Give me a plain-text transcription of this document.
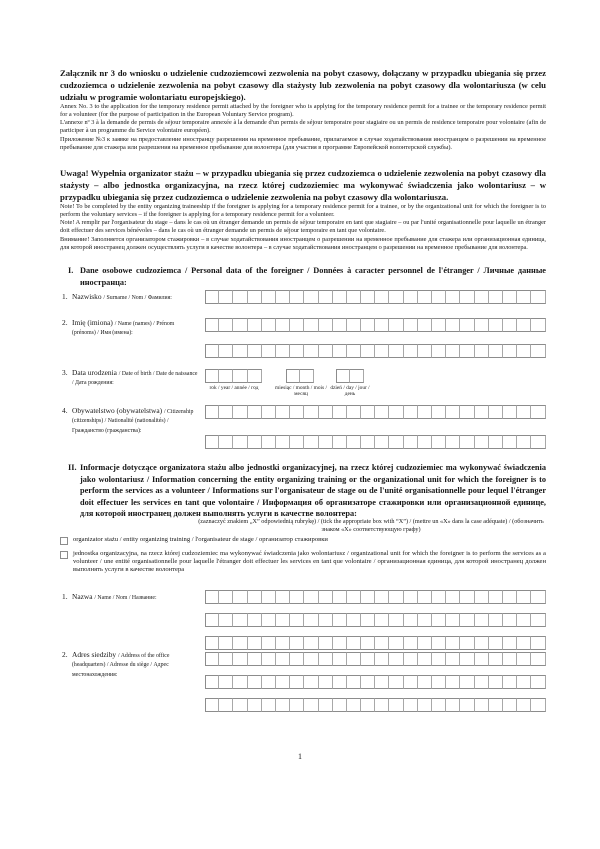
Załącznik nr 3 do wniosku o udzielenie cudzoziemcowi zezwolenia na pobyt czasowy, dołączany w przypadku ubiegania się przez cudzoziemca o udzielenie zezwolenia na pobyt czasowy dla stażysty lub zezwolenia na pobyt czasowy dla wolontariusza (w celu udziału w programie wolontariatu europejskiego).

Annex No. 3 to the application for the temporary residence permit attached by the foreigner who is applying for the temporary residence permit for a trainee or the temporary residence permit for a volunteer (for the purpose of participation in the European Voluntary Service program).

L'annexe nº 3 à la demande de permis de séjour temporaire annexée à la demande d'un permis de séjour temporaire pour stagiaire ou un permis de residence temporaire pour volontaire (afin de participer à un programme du Service volontaire européen).

Приложение №3 к заявке на предоставление иностранцу разрешения на временное пребывание, прилагаемое в случае ходатайствования иностранцем о разрешении на временное пребывание для стажера или разрешения на временное пребывание для волонтера (для участия в программе Европейской волонтерской службы).

Uwaga! Wypełnia organizator stażu – w przypadku ubiegania się przez cudzoziemca o udzielenie zezwolenia na pobyt czasowy dla stażysty – albo jednostka organizacyjna, na rzecz której cudzoziemiec ma wykonywać świadczenia jako wolontariusz – w przypadku ubiegania się przez cudzoziemca o udzielenie zezwolenia na pobyt czasowy dla wolontariusza.

Note! To be completed by the entity organizing traineeship if the foreigner is applying for a temporary residence permit for a trainee, or by the organizational unit for which the foreigner is to perform the voluntary services – if the foreigner is applying for a temporary residence permit for a volunteer.

Note! A remplir par l'organisateur du stage – dans le cas où un étranger demande un permis de séjour temporaire en tant que stagiaire – ou par l'unité organisationnelle pour laquelle un étranger doit effectuer des services bénévoles – dans le cas où un étranger demande un permis de séjour temporaire en tant que volontaire.

Внимание! Заполняется организатором стажировки – в случае ходатайствования иностранцем о разрешении на временное пребывание для стажера или организационная единица, для которой иностранец должен осуществлять услуги в качестве волонтера – в случае ходатайствования иностранцем о разрешении на временное пребывание для волонтера.

I. Dane osobowe cudzoziemca / Personal data of the foreigner / Données à caracter personnel de l'étranger / Личные данные иностранца:
1. Nazwisko / Surname / Nom / Фамилия:
2. Imię (imiona) / Name (names) / Prénom (prénoms) / Имя (имена):
3. Data urodzenia / Date of birth / Date de naissance / Дата рождения:
rok / year / année / год	miesiąc / month / mois / месяц
dzień / day / jour / день
4. Obywatelstwo (obywatelstwa) / Citizenship (citizenships) / Nationalité (nationalités) / Гражданство (гражданства):
II. Informacje dotyczące organizatora stażu albo jednostki organizacyjnej, na rzecz której cudzoziemiec ma wykonywać świadczenia jako wolontariusz / Information concerning the entity organizing training or the organizational unit for which the foreigner is to perform the services as a volunteer / Informations sur l'organisateur de stage ou de l'unité organisationnelle pour lequel l'étranger doit effectuer les services en tant que volontaire / Информация об организаторе стажировки или организационной единице, для которой иностранец должен выполнять услуги в качестве волонтера:
(zaznaczyć znakiem „X” odpowiednią rubrykę) / (tick the appropriate box with “X”) / (mettre un «X» dans la case adéquate) / (обозначить знаком «X» соответствующую графу)
organizator stażu / entity organizing training / l'organisateur de stage / организатор стажировки
jednostka organizacyjna, na rzecz której cudzoziemiec ma wykonywać świadczenia jako wolontariusz / organizational unit for which the foreigner is to perform the services as a volunteer / une entité organisationnelle pour laquelle l'étranger doit effectuer les services en tant que volontaire / организационная единица, для которой иностранец должен выполнять услуги в качестве волонтера
1. Nazwa / Name / Nom / Название:
2. Adres siedziby / Address of the office (headquarters) / Adresse du siège / Адрес местонахождения:
1
